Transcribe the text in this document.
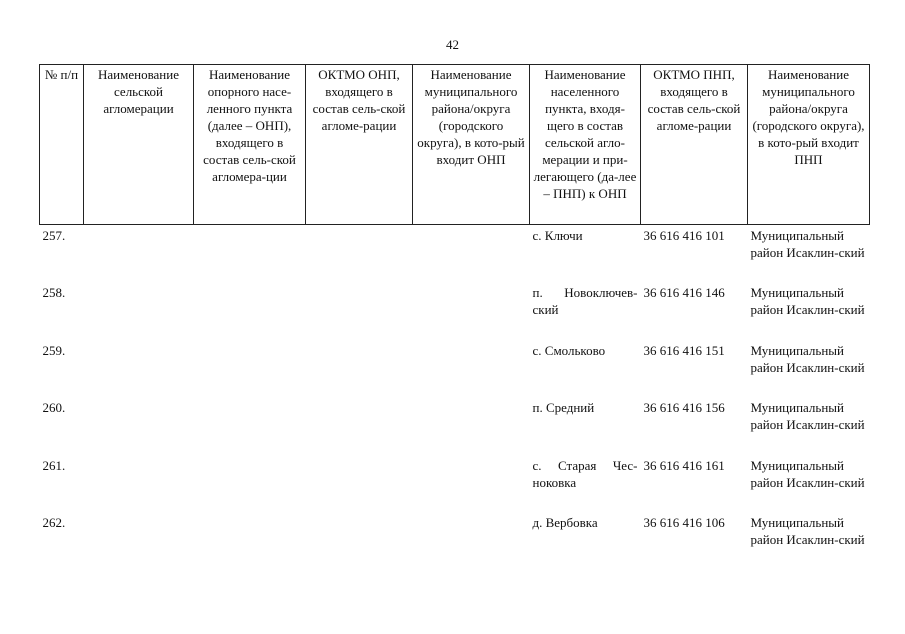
42
№ п/п	Наименование сельской агломерации	Наименование опорного насе-ленного пункта (далее – ОНП), входящего в состав сель-ской агломера-ции	ОКТМО ОНП, входящего в состав сель-ской агломе-рации	Наименование муниципального района/округа (городского округа), в кото-рый входит ОНП	Наименование населенного пункта, входя-щего в состав сельской агло-мерации и при-легающего (да-лее – ПНП) к ОНП	ОКТМО ПНП, входящего в состав сель-ской агломе-рации	Наименование муниципального района/округа (городского округа), в кото-рый входит ПНП
257.					с. Ключи	36 616 416 101	Муниципальный район Исаклин-ский
258.					п. Новоключев-ский	36 616 416 146	Муниципальный район Исаклин-ский
259.					с. Смольково	36 616 416 151	Муниципальный район Исаклин-ский
260.					п. Средний	36 616 416 156	Муниципальный район Исаклин-ский
261.					с. Старая Чес-ноковка	36 616 416 161	Муниципальный район Исаклин-ский
262.					д. Вербовка	36 616 416 106	Муниципальный район Исаклин-ский
